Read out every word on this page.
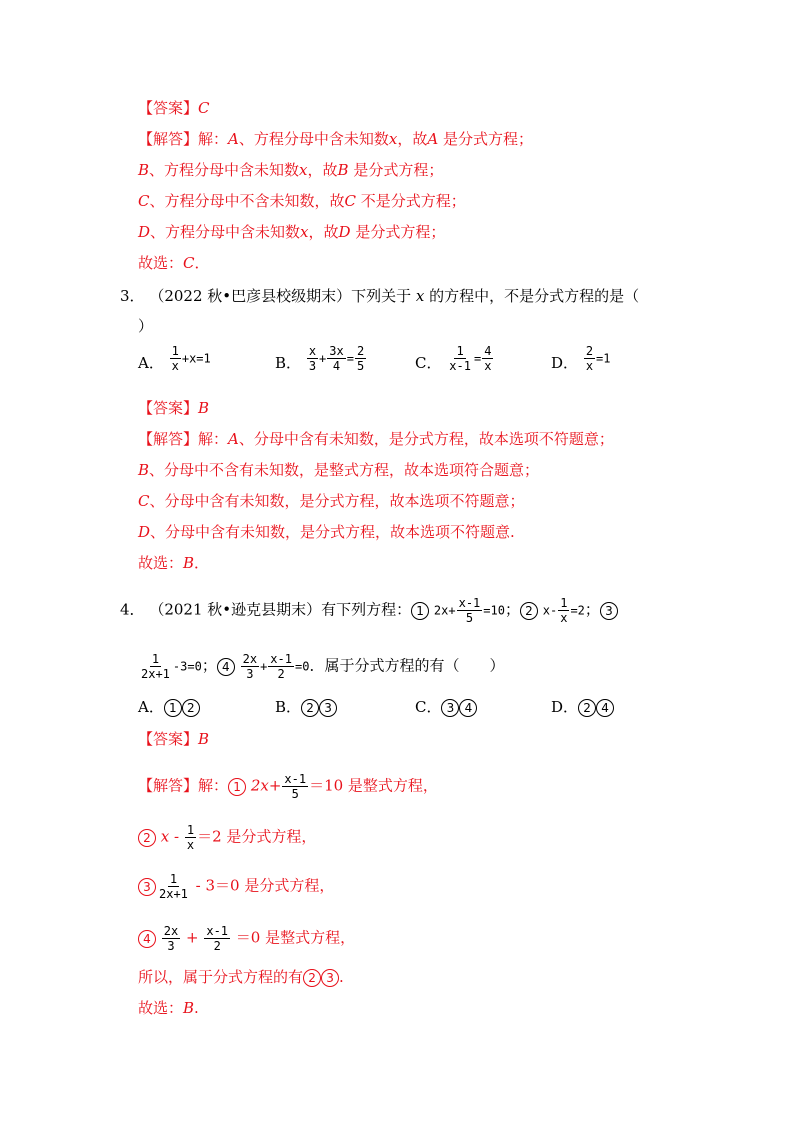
【答案】C
【解答】解：A、方程分母中含未知数x，故A 是分式方程；
B、方程分母中含未知数x，故B 是分式方程；
C、方程分母中不含未知数，故C 不是分式方程；
D、方程分母中含未知数x，故D 是分式方程；
故选：C．
3． （2022 秋•巴彦县校级期末）下列关于 x 的方程中，不是分式方程的是（
）
A． $\frac{1}{x} +x=1$	B． $\frac{x}{3} + \frac{3x}{4} = \frac{2}{5}$	C． $\frac{1}{x-1} = \frac{4}{x}$	D． $\frac{2}{x} =1$
【答案】B
【解答】解：A、分母中含有未知数，是分式方程，故本选项不符题意；
B、分母中不含有未知数，是整式方程，故本选项符合题意；
C、分母中含有未知数，是分式方程，故本选项不符题意；
D、分母中含有未知数，是分式方程，故本选项不符题意.
故选：B．
4． （2021 秋•逊克县期末）有下列方程： 1 $2x+ \frac{x-1}{5} =10$； 2 $x- \frac{1}{x} =2$； 3
$\frac{1}{2x+1} -3=0$； $4 \frac{2x}{3} + \frac{x-1}{2} =0$．属于分式方程的有（　　）
A． 1 2	B． 2 3	C． 3 4	D． 2 4
【答案】B
【解答】解： 1 $2x+ \frac{x-1}{5} =10$ 是整式方程，
2 $x - \frac{1}{x} =2$ 是分式方程，
$3 \frac{1}{2x+1} - 3=0$ 是分式方程，
$4 \frac{2x}{3} + \frac{x-1}{2} =0$ 是整式方程，
所以，属于分式方程的有 2 3 .
故选：B.
